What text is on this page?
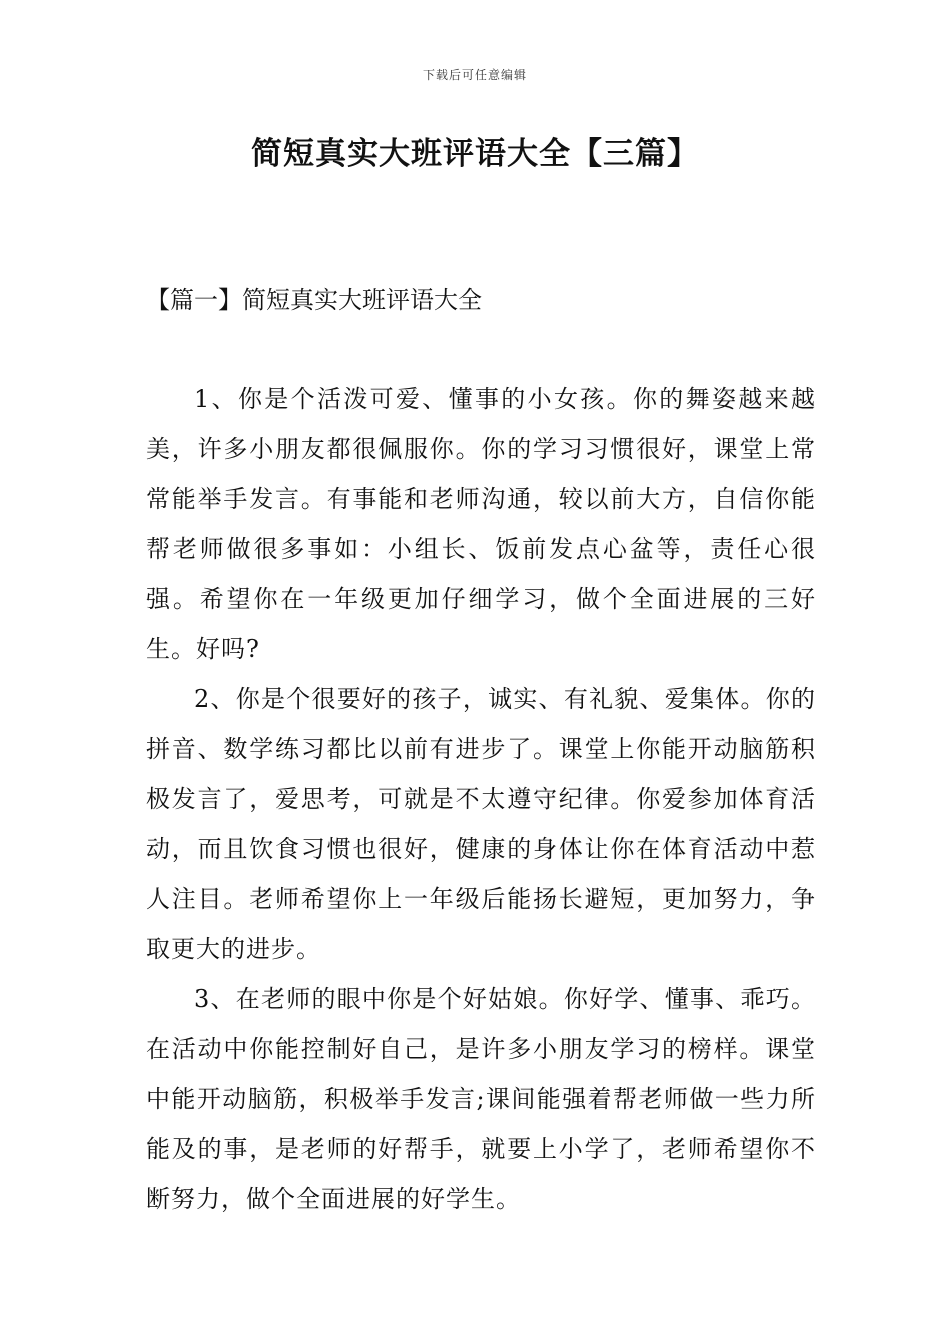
下载后可任意编辑
简短真实大班评语大全【三篇】
【篇一】简短真实大班评语大全

1、你是个活泼可爱、懂事的小女孩。你的舞姿越来越美，许多小朋友都很佩服你。你的学习习惯很好，课堂上常常能举手发言。有事能和老师沟通，较以前大方，自信你能帮老师做很多事如：小组长、饭前发点心盆等，责任心很强。希望你在一年级更加仔细学习，做个全面进展的三好生。好吗?

2、你是个很要好的孩子，诚实、有礼貌、爱集体。你的拼音、数学练习都比以前有进步了。课堂上你能开动脑筋积极发言了，爱思考，可就是不太遵守纪律。你爱参加体育活动，而且饮食习惯也很好，健康的身体让你在体育活动中惹人注目。老师希望你上一年级后能扬长避短，更加努力，争取更大的进步。

3、在老师的眼中你是个好姑娘。你好学、懂事、乖巧。在活动中你能控制好自己，是许多小朋友学习的榜样。课堂中能开动脑筋，积极举手发言;课间能强着帮老师做一些力所能及的事，是老师的好帮手，就要上小学了，老师希望你不断努力，做个全面进展的好学生。
